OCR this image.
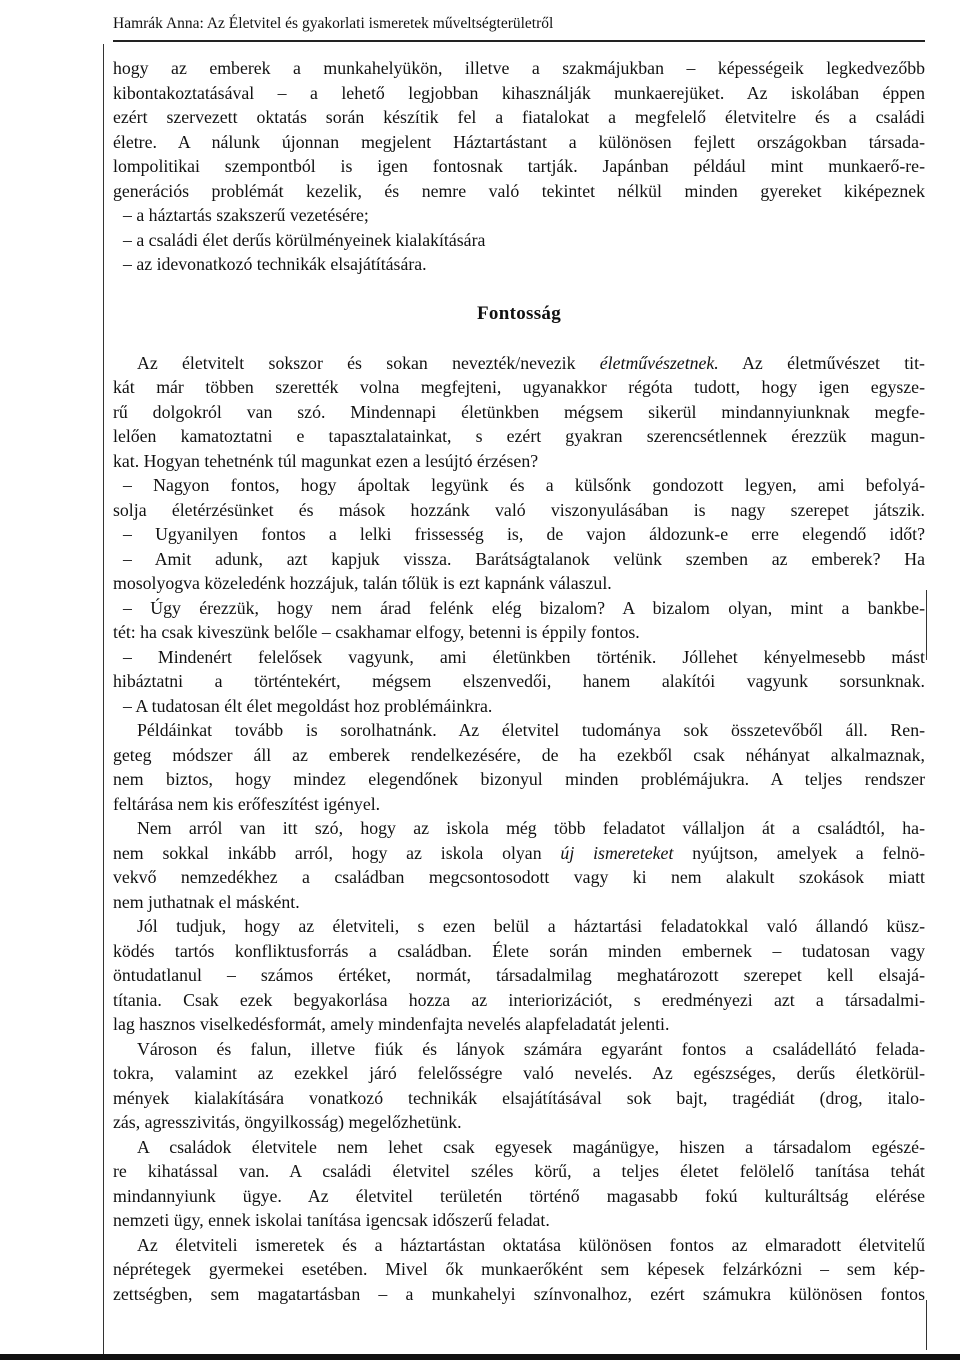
Hamrák Anna: Az Életvitel és gyakorlati ismeretek műveltségterületről
hogy az emberek a munkahelyükön, illetve a szakmájukban – képességeik legkedvezőbb
kibontakoztatásával – a lehető legjobban kihasználják munkaerejüket. Az iskolában éppen
ezért szervezett oktatás során készítik fel a fiatalokat a megfelelő életvitelre és a családi
életre. A nálunk újonnan megjelent Háztartástant a különösen fejlett országokban társada-
lompolitikai szempontból is igen fontosnak tartják. Japánban például mint munkaerő-re-
generációs problémát kezelik, és nemre való tekintet nélkül minden gyereket kiképeznek
– a háztartás szakszerű vezetésére;
– a családi élet derűs körülményeinek kialakítására
– az idevonatkozó technikák elsajátítására.
Fontosság
Az életvitelt sokszor és sokan nevezték/nevezik életművészetnek. Az életművészet tit-
kát már többen szerették volna megfejteni, ugyanakkor régóta tudott, hogy igen egysze-
rű dolgokról van szó. Mindennapi életünkben mégsem sikerül mindannyiunknak megfe-
lelően kamatoztatni e tapasztalatainkat, s ezért gyakran szerencsétlennek érezzük magun-
kat. Hogyan tehetnénk túl magunkat ezen a lesújtó érzésen?
– Nagyon fontos, hogy ápoltak legyünk és a külsőnk gondozott legyen, ami befolyá-
solja életérzésünket és mások hozzánk való viszonyulásában is nagy szerepet játszik.
– Ugyanilyen fontos a lelki frissesség is, de vajon áldozunk-e erre elegendő időt?
– Amit adunk, azt kapjuk vissza. Barátságtalanok velünk szemben az emberek? Ha
mosolyogva közeledénk hozzájuk, talán tőlük is ezt kapnánk válaszul.
– Úgy érezzük, hogy nem árad felénk elég bizalom? A bizalom olyan, mint a bankbe-
tét: ha csak kiveszünk belőle – csakhamar elfogy, betenni is éppily fontos.
– Mindenért felelősek vagyunk, ami életünkben történik. Jóllehet kényelmesebb mást
hibáztatni a történtekért, mégsem elszenvedői, hanem alakítói vagyunk sorsunknak.
– A tudatosan élt élet megoldást hoz problémáinkra.
Példáinkat tovább is sorolhatnánk. Az életvitel tudománya sok összetevőből áll. Ren-
geteg módszer áll az emberek rendelkezésére, de ha ezekből csak néhányat alkalmaznak,
nem biztos, hogy mindez elegendőnek bizonyul minden problémájukra. A teljes rendszer
feltárása nem kis erőfeszítést igényel.
Nem arról van itt szó, hogy az iskola még több feladatot vállaljon át a családtól, ha-
nem sokkal inkább arról, hogy az iskola olyan új ismereteket nyújtson, amelyek a felnö-
vekvő nemzedékhez a családban megcsontosodott vagy ki nem alakult szokások miatt
nem juthatnak el másként.
Jól tudjuk, hogy az életviteli, s ezen belül a háztartási feladatokkal való állandó küsz-
ködés tartós konfliktusforrás a családban. Élete során minden embernek – tudatosan vagy
öntudatlanul – számos értéket, normát, társadalmilag meghatározott szerepet kell elsajá-
títania. Csak ezek begyakorlása hozza az interiorizációt, s eredményezi azt a társadalmi-
lag hasznos viselkedésformát, amely mindenfajta nevelés alapfeladatát jelenti.
Városon és falun, illetve fiúk és lányok számára egyaránt fontos a családellátó felada-
tokra, valamint az ezekkel járó felelősségre való nevelés. Az egészséges, derűs életkörül-
mények kialakítására vonatkozó technikák elsajátításával sok bajt, tragédiát (drog, italo-
zás, agresszivitás, öngyilkosság) megelőzhetünk.
A családok életvitele nem lehet csak egyesek magánügye, hiszen a társadalom egészé-
re kihatással van. A családi életvitel széles körű, a teljes életet felölelő tanítása tehát
mindannyiunk ügye. Az életvitel területén történő magasabb fokú kulturáltság elérése
nemzeti ügy, ennek iskolai tanítása igencsak időszerű feladat.
Az életviteli ismeretek és a háztartástan oktatása különösen fontos az elmaradott életvitelű
néprétegek gyermekei esetében. Mivel ők munkaerőként sem képesek felzárkózni – sem kép-
zettségben, sem magatartásban – a munkahelyi színvonalhoz, ezért számukra különösen fontos
